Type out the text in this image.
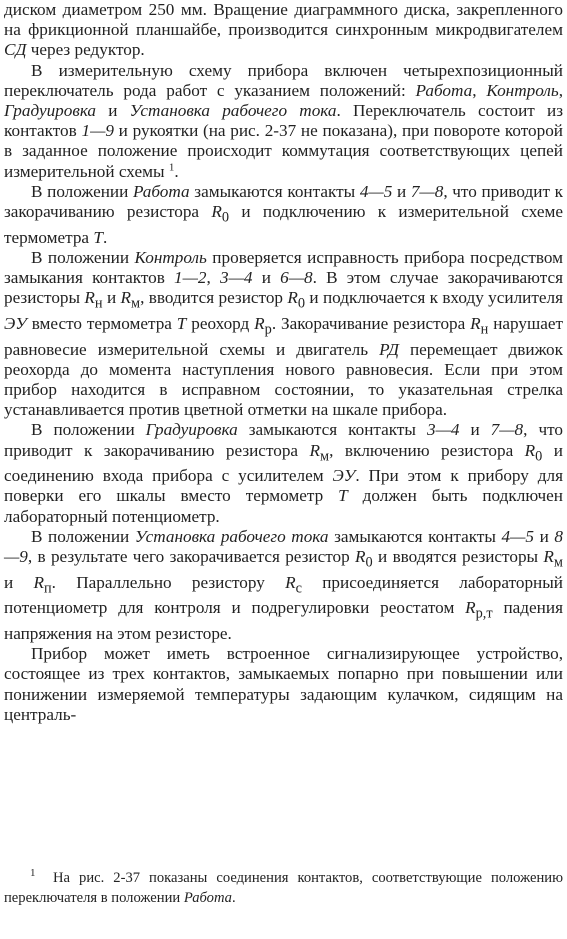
диском диаметром 250 мм. Вращение диаграммного диска, закрепленного на фрикционной планшайбе, производится синхронным микродвигателем СД через редуктор.

В измерительную схему прибора включен четырехпозиционный переключатель рода работ с указанием положений: Работа, Контроль, Градуировка и Установка рабочего тока. Переключатель состоит из контактов 1—9 и рукоятки (на рис. 2-37 не показана), при повороте которой в заданное положение происходит коммутация соответствующих цепей измерительной схемы $^1$.

В положении Работа замыкаются контакты 4—5 и 7—8, что приводит к закорачиванию резистора $R_0$ и подключению к измерительной схеме термометра T.

В положении Контроль проверяется исправность прибора посредством замыкания контактов 1—2, 3—4 и 6—8. В этом случае закорачиваются резисторы $R_н$ и $R_м$, вводится резистор $R_0$ и подключается к входу усилителя ЭУ вместо термометра T реохорд $R_р$. Закорачивание резистора $R_н$ нарушает равновесие измерительной схемы и двигатель РД перемещает движок реохорда до момента наступления нового равновесия. Если при этом прибор находится в исправном состоянии, то указательная стрелка устанавливается против цветной отметки на шкале прибора.

В положении Градуировка замыкаются контакты 3—4 и 7—8, что приводит к закорачиванию резистора $R_м$, включению резистора $R_0$ и соединению входа прибора с усилителем ЭУ. При этом к прибору для поверки его шкалы вместо термометр T должен быть подключен лабораторный потенциометр.

В положении Установка рабочего тока замыкаются контакты 4—5 и 8—9, в результате чего закорачивается резистор $R_0$ и вводятся резисторы $R_м$ и $R_п$. Параллельно резистору $R_с$ присоединяется лабораторный потенциометр для контроля и подрегулировки реостатом $R_{р,т}$ падения напряжения на этом резисторе.

Прибор может иметь встроенное сигнализирующее устройство, состоящее из трех контактов, замыкаемых попарно при повышении или понижении измеряемой температуры задающим кулачком, сидящим на централь-

$^1$ На рис. 2-37 показаны соединения контактов, соответствующие положению переключателя в положении Работа.
